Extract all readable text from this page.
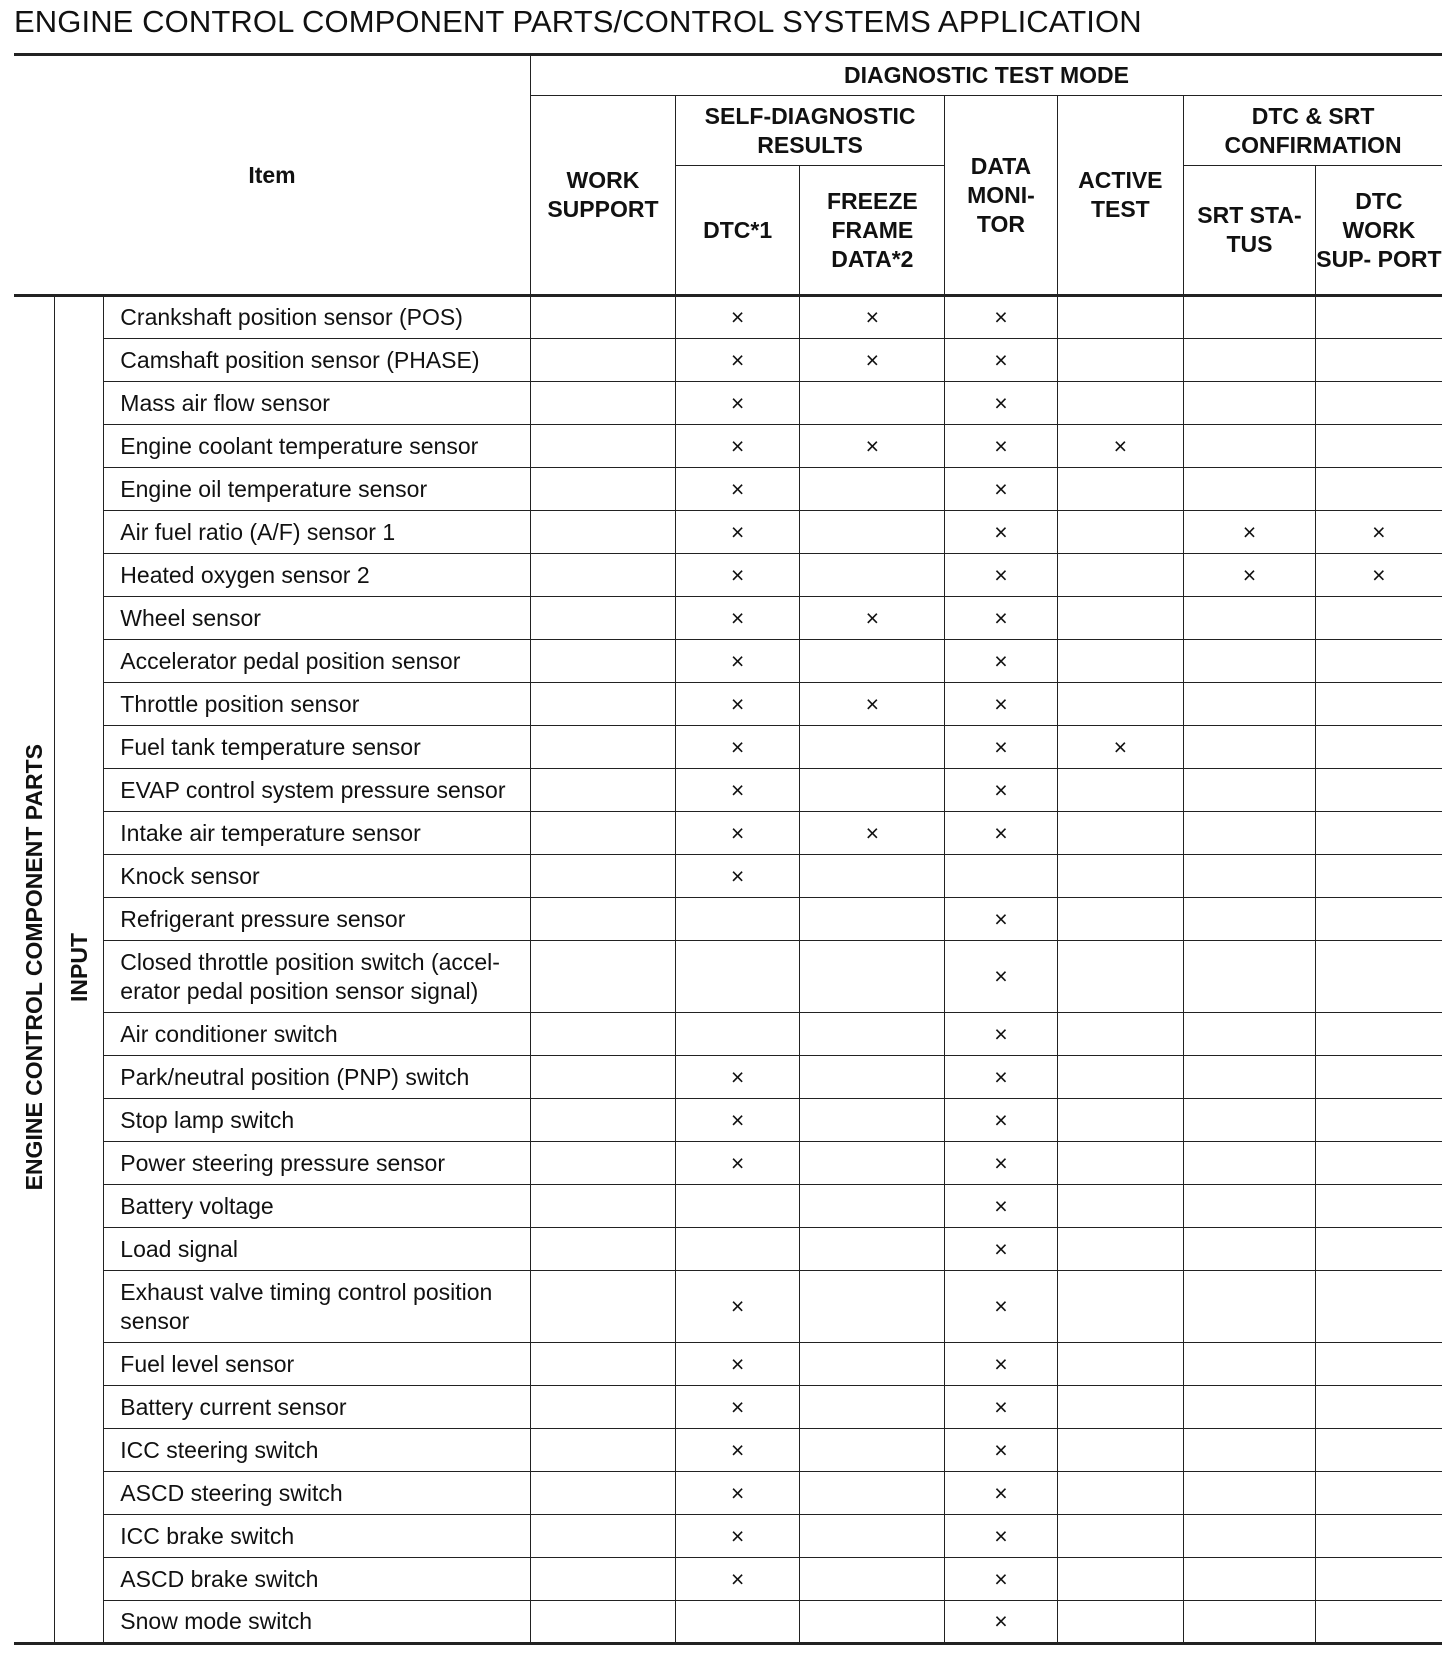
ENGINE CONTROL COMPONENT PARTS/CONTROL SYSTEMS APPLICATION
Item			DIAGNOSTIC TEST MODE						
			WORK SUPPORT	SELF-DIAGNOSTIC RESULTS		DATA MONI- TOR	ACTIVE TEST	DTC & SRT CONFIRMATION	
				DTC*1	FREEZE FRAME DATA*2			SRT STA- TUS	DTC WORK SUP- PORT
ENGINE CONTROL COMPONENT PARTS	INPUT	Crankshaft position sensor (POS)		×	×	×			
		Camshaft position sensor (PHASE)		×	×	×			
		Mass air flow sensor		×		×			
		Engine coolant temperature sensor		×	×	×	×		
		Engine oil temperature sensor		×		×			
		Air fuel ratio (A/F) sensor 1		×		×		×	×
		Heated oxygen sensor 2		×		×		×	×
		Wheel sensor		×	×	×			
		Accelerator pedal position sensor		×		×			
		Throttle position sensor		×	×	×			
		Fuel tank temperature sensor		×		×	×		
		EVAP control system pressure sensor		×		×			
		Intake air temperature sensor		×	×	×			
		Knock sensor		×					
		Refrigerant pressure sensor				×			
		Closed throttle position switch (accel- erator pedal position sensor signal)				×			
		Air conditioner switch				×			
		Park/neutral position (PNP) switch		×		×			
		Stop lamp switch		×		×			
		Power steering pressure sensor		×		×			
		Battery voltage				×			
		Load signal				×			
		Exhaust valve timing control position sensor		×		×			
		Fuel level sensor		×		×			
		Battery current sensor		×		×			
		ICC steering switch		×		×			
		ASCD steering switch		×		×			
		ICC brake switch		×		×			
		ASCD brake switch		×		×			
		Snow mode switch				×			
